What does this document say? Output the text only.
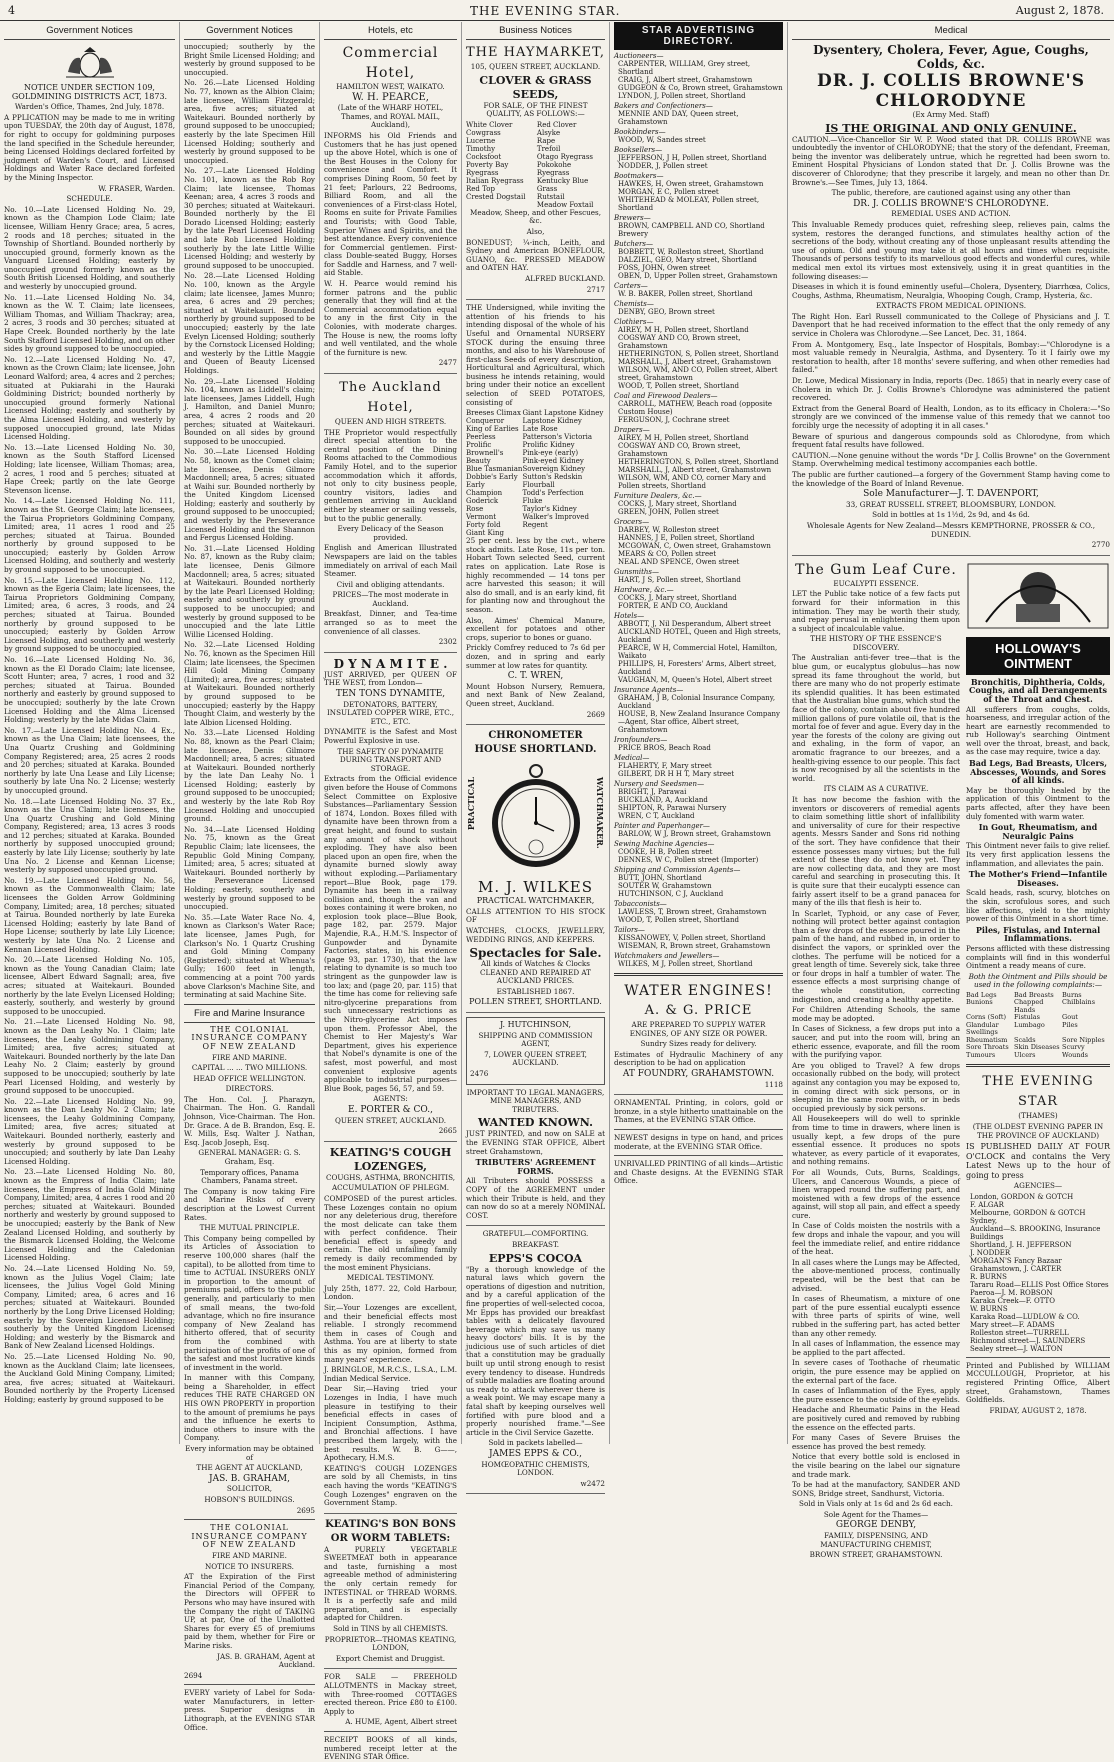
4	THE EVENING STAR.	August 2, 1878.
Government Notices

NOTICE UNDER SECTION 109, GOLDMINING DISTRICTS ACT, 1873.

Warden's Office, Thames, 2nd July, 1878.

A PPLICATION may be made to me in writing upon TUESDAY, the 20th day of August, 1878, for right to occupy for goldmining purposes the land specified in the Schedule hereunder, being Licensed Holdings declared forfeited by judgment of Warden's Court, and Licensed Holdings and Water Race declared forfeited by the Mining Inspector.

W. FRASER, Warden.

SCHEDULE.

No. 10.—Late Licensed Holding No. 29, known as the Champion Lode Claim; late licensee, William Henry Grace; area, 5 acres, 2 roods and 18 perches; situated in the Township of Shortland. Bounded northerly by unoccupied ground, formerly known as the Vanguard Licensed Holding; easterly by unoccupied ground formerly known as the South British Licensed Holding, and southerly and westerly by unoccupied ground.

No. 11.—Late Licensed Holding No. 34, known as the W. T. Claim; late licensees, William Thomas, and William Thackray; area, 2 acres, 3 roods and 30 perches; situated at Hape Creek. Bounded northerly by the late South Stafford Licensed Holding, and on other sides by ground supposed to be unoccupied.

No. 12.—Late Licensed Holding No. 47, known as the Crown Claim; late licensee, John Leonard Walford; area, 4 acres and 2 perches; situated at Pukiarahi in the Hauraki Goldmining District; bounded northerly by unoccupied ground formerly National Licensed Holding; easterly and southerly by the Alma Licensed Holding, and westerly by supposed unoccupied ground, late Midas Licensed Holding.

No. 13.—Late Licensed Holding No. 30, known as the South Stafford Licensed Holding; late licensee, William Thomas; area, 2 acres, 1 rood and 5 perches; situated at Hape Creek; partly on the late George Stevenson license.

No. 14.—Late Licensed Holding No. 111, known as the St. George Claim; late licensees, the Tairua Proprietors Goldmining Company, Limited; area, 11 acres 1 rood and 25 perches; situated at Tairua. Bounded northerly by ground supposed to be unoccupied; easterly by Golden Arrow Licensed Holding, and southerly and westerly by ground supposed to be unoccupied.

No. 15.—Late Licensed Holding No. 112, known as the Egeria Claim; late licensees, the Tairua Proprietors Goldmining Company, Limited; area, 6 acres, 3 roods, and 24 perches; situated at Tairua. Bounded northerly by ground supposed to be unoccupied; easterly by Golden Arrow Licensed Holding, and southerly and westerly by ground supposed to be unoccupied.

No. 16.—Late Licensed Holding No. 36, known as the El Dorado Claim; late licensee, Scott Hunter; area, 7 acres, 1 rood and 32 perches; situated at Tairua. Bounded northerly and easterly by ground supposed to be unoccupied; southerly by the late Crown Licensed Holding and the Alma Licensed Holding; westerly by the late Midas Claim.

No. 17.—Late Licensed Holding No. 4 Ex., known as the Una Claim; late licensees, the Una Quartz Crushing and Goldmining Company Registered; area, 25 acres 2 roods and 20 perches; situated at Karaka. Bounded northerly by late Una Lease and Lily License; southerly by late Una No. 2 License; westerly by unoccupied ground.

No. 18.—Late Licensed Holding No. 37 Ex., known as the Una Claim; late licensees, the Una Quartz Crushing and Gold Mining Company, Registered; area, 13 acres 3 roods and 12 perches; situated at Karaka. Bounded northerly by supposed unoccupied ground; easterly by late Lily License; southerly by late Una No. 2 License and Kennan License; westerly by supposed unoccupied ground.

No. 19.—Late Licensed Holding No. 56, known as the Commonwealth Claim; late licensees the Golden Arrow Goldmining Company, Limited; area, 18 perches; situated at Tairua. Bounded northerly by late Eureka Licensed Holding; easterly by late Band of Hope License; southerly by late Lily Licence; westerly by late Una No. 2 License and Kennan Licensed Holding.

No. 20.—Late Licensed Holding No. 105, known as the Young Canadian Claim; late licensee, Albert Edward Sagnall; area, five acres; situated at Waitekauri. Bounded northerly by the late Evelyn Licensed Holding; easterly, southerly, and westerly by ground supposed to be unoccupied.

No. 21.—Late Licensed Holding No. 98, known as the Dan Leahy No. 1 Claim; late licensees, the Leahy Goldmining Company, Limited; area, five acres; situated at Waitekauri. Bounded northerly by the late Dan Leahy No. 2 Claim; easterly by ground supposed to be unoccupied; southerly by late Pearl Licensed Holding, and westerly by ground supposed to be unoccupied.

No. 22.—Late Licensed Holding No. 99, known as the Dan Leahy No. 2 Claim; late licensees, the Leahy Goldmining Company, Limited; area, five acres; situated at Waitekauri. Bounded northerly, easterly and westerly by ground supposed to be unoccupied; and southerly by late Dan Leahy Licensed Holding.

No. 23.—Late Licensed Holding No. 80, known as the Empress of India Claim; late licensees, the Empress of India Gold Mining Company, Limited; area, 4 acres 1 rood and 20 perches; situated at Waitekauri. Bounded northerly and westerly by ground supposed to be unoccupied; easterly by the Bank of New Zealand Licensed Holding, and southerly by the Bismarck Licensed Holding, the Welcome Licensed Holding and the Caledonian Licensed Holding.

No. 24.—Late Licensed Holding No. 59, known as the Julius Vogel Claim; late licensees, the Julius Vogel Gold Mining Company, Limited; area, 6 acres and 16 perches; situated at Waitekauri. Bounded northerly by the Long Drive Licensed Holding; easterly by the Sovereign Licensed Holding; southerly by the United Kingdom Licensed Holding; and westerly by the Bismarck and Bank of New Zealand Licensed Holdings.

No. 25.—Late Licensed Holding No. 90, known as the Auckland Claim; late licensees, the Auckland Gold Mining Company, Limited; area, five acres; situated at Waitekauri. Bounded northerly by the Property Licensed Holding; easterly by ground supposed to be

Government Notices

unoccupied; southerly by the Bright Smile Licensed Holding; and westerly by ground supposed to be unoccupied.

No. 26.—Late Licensed Holding No. 77, known as the Albion Claim; late licensee, William Fitzgerald; area, five acres; situated at Waitekauri. Bounded northerly by ground supposed to be unoccupied; easterly by the late Specimen Hill Licensed Holding; southerly and westerly by ground supposed to be unoccupied.

No. 27.—Late Licensed Holding No. 101, known as the Rob Roy Claim; late licensee, Thomas Keenan; area, 4 acres 3 roods and 30 perches; situated at Waitekauri. Bounded northerly by the El Dorado Licensed Holding; easterly by the late Pearl Licensed Holding and late Rob Licensed Holding; southerly by the late Little Willie Licensed Holding; and westerly by ground supposed to be unoccupied.

No. 28.—Late Licensed Holding No. 100, known as the Argyle claim; late licensee, James Munro; area, 6 acres and 29 perches; situated at Waitekauri. Bounded northerly by ground supposed to be unoccupied; easterly by the late Evelyn Licensed Holding; southerly by the Cornstock Licensed Holding; and westerly by the Little Maggie and Queen of Beauty Licensed Holdings.

No. 29.—Late Licensed Holding No. 104, known as Liddell's claim; late licensees, James Liddell, Hugh J. Hamilton, and Daniel Munro; area, 4 acres 2 roods and 20 perches; situated at Waitekauri. Bounded on all sides by ground supposed to be unoccupied.

No. 30.—Late Licensed Holding No. 58, known as the Comet claim; late licensee, Denis Gilmore Macdonnell; area, 5 acres; situated at Waihi sur. Bounded northerly by the United Kingdom Licensed Holding; easterly and southerly by ground supposed to be unoccupied; and westerly by the Perseverance Licensed Holding and the Shannon and Fergus Licensed Holding.

No. 31.—Late Licensed Holding No. 87, known as the Ruby claim; late licensee, Denis Gilmore Macdonnell; area, 5 acres; situated at Waitekauri. Bounded northerly by the late Pearl Licensed Holding; easterly and southerly by ground supposed to be unoccupied; and westerly by ground supposed to be unoccupied and the late Little Willie Licensed Holding.

No. 32.—Late Licensed Holding No. 76, known as the Specimen Hill Claim; late licensees, the Specimen Hill Gold Mining Company (Limited); area, five acres; situated at Waitekauri. Bounded northerly by ground supposed to be unoccupied; easterly by the Happy Thought Claim, and westerly by the late Albion Licensed Holding.

No. 33.—Late Licensed Holding No. 88, known as the Pearl Claim; late licensee, Denis Gilmore Macdonnell; area, 5 acres; situated at Waitekauri. Bounded northerly by the late Dan Leahy No. 1 Licensed Holding; easterly by ground supposed to be unoccupied; and westerly by the late Rob Roy Licensed Holding and unoccupied ground.

No. 34.—Late Licensed Holding No. 75, known as the Great Republic Claim; late licensees, the Republic Gold Mining Company, Limited; area, 5 acres; situated at Waitekauri. Bounded northerly by the Perseverance Licensed Holding; easterly, southerly and westerly by ground supposed to be unoccupied.

No. 35.—Late Water Race No. 4, known as Clarkson's Water Race; late licensee, James Pugh, for Clarkson's No. 1 Quartz Crushing and Gold Mining Company (Registered); situated at Whenua's Gully; 1600 feet in length, commencing at a point 700 yards above Clarkson's Machine Site, and terminating at said Machine Site.

Fire and Marine Insurance

THE COLONIAL INSURANCE COMPANY OF NEW ZEALAND

FIRE AND MARINE.

CAPITAL ... ... TWO MILLIONS.

HEAD OFFICE WELLINGTON.

DIRECTORS.

The Hon. Col. J. Pharazyn, Chairman. The Hon. G. Randall Johnson, Vice-Chairman. The Hon. Dr. Grace. A de B. Brandon, Esq. E. W. Mills, Esq. Walter J. Nathan, Esq. Jacob Joseph, Esq.

GENERAL MANAGER: G. S. Graham, Esq.

Temporary offices, Panama Chambers, Panama street.

The Company is now taking Fire and Marine Risks of every description at the Lowest Current Rates.

THE MUTUAL PRINCIPLE.

This Company being compelled by its Articles of Association to reserve 100,000 shares (half the capital), to be allotted from time to time to ACTUAL INSURERS ONLY in proportion to the amount of premiums paid, offers to the public generally, and particularly to men of small means, the two-fold advantage, which no fire insurance company of New Zealand has hitherto offered, that of security from the combined with participation of the profits of one of the safest and most lucrative kinds of investment in the world.

In manner with this Company, being a Shareholder, in effect reduces THE RATE CHARGED ON HIS OWN PROPERTY in proportion to the amount of premiums he pays and the influence he exerts to induce others to insure with the Company.

Every information may be obtained of

THE AGENT AT AUCKLAND,

JAS. B. GRAHAM,

SOLICITOR,

HOBSON'S BUILDINGS.

2695

THE COLONIAL INSURANCE COMPANY OF NEW ZEALAND

FIRE AND MARINE.

NOTICE TO INSURERS.

AT the Expiration of the First Financial Period of the Company, the Directors will OFFER to Persons who may have insured with the Company the right of TAKING UP, at par, One of the Unallotted Shares for every £5 of premiums paid by them, whether for Fire or Marine risks.

JAS. B. GRAHAM, Agent at Auckland.

2694

EVERY variety of Label for Soda-water Manufacturers, in letter-press. Superior designs in Lithograph, at the EVENING STAR Office.

Hotels, etc
Commercial Hotel,

HAMILTON WEST, WAIKATO.

W. H. PEARCE,

(Late of the WHARF HOTEL, Thames, and ROYAL MAIL, Auckland),

INFORMS his Old Friends and Customers that he has just opened up the above Hotel, which is one of the Best Houses in the Colony for convenience and Comfort. It comprises Dining Room, 50 feet by 21 feet; Parlours, 22 Bedrooms, Billiard Room, and all the conveniences of a First-class Hotel, Rooms en suite for Private Families and Tourists; with Good Table, Superior Wines and Spirits, and the best attendance. Every convenience for Commercial gentlemen. First-class Double-seated Buggy, Horses for Saddle and Harness, and 7 well-aid Stable.

W. H. Pearce would remind his former patrons and the public generally that they will find at the Commercial accommodation equal to any in the first City in the Colonies, with moderate charges. The House is new, the rooms lofty and well ventilated, and the whole of the furniture is new.

2477

The Auckland Hotel,

QUEEN AND HIGH STREETS.

THE Proprietor would respectfully direct special attention to the central position of the Dining Rooms attached to the Commodious Family Hotel, and to the superior accommodation which it affords, not only to city business people, country visitors, ladies and gentlemen arriving in Auckland either by steamer or sailing vessels, but to the public generally.

Every Delicacy of the Season provided.

English and American Illustrated Newspapers are laid on the tables immediately on arrival of each Mail Steamer.

Civil and obliging attendants.

PRICES—The most moderate in Auckland.

Breakfast, Dinner, and Tea-time arranged so as to meet the convenience of all classes.

2302

D Y N A M I T E .

JUST ARRIVED, per QUEEN OF THE WEST, from London—

TEN TONS DYNAMITE,

DETONATORS, BATTERY, INSULATED COPPER WIRE, ETC., ETC., ETC.

DYNAMITE is the Safest and Most Powerful Explosive in use.

THE SAFETY OF DYNAMITE DURING TRANSPORT AND STORAGE.

Extracts from the Official evidence given before the House of Commons Select Committee on Explosive Substances—Parliamentary Session of 1874, London. Boxes filled with dynamite have been thrown from a great height, and found to sustain any amount of shock without exploding. They have also been placed upon an open fire, when the dynamite burned slowly away without exploding.—Parliamentary report—Blue Book, page 179. Dynamite has been in a railway collision and, though the van and boxes containing it were broken, no explosion took place—Blue Book, page 182, par. 2579. Major Majendie, R.A., H.M.'S. Inspector of Gunpowder and Dynamite Factories, states, in his evidence (page 93, par. 1730), that the law relating to dynamite is so much too stringent as the gunpowder law is too lax; and (page 20, par. 115) that the time has come for relieving safe nitro-glycerine preparations from such unnecessary restrictions as the Nitro-glycerine Act imposes upon them. Professor Abel, the Chemist to Her Majesty's War Department, gives his experience that Nobel's dynamite is one of the safest, most powerful, and most convenient explosive agents applicable to industrial purposes—Blue Book, pages 56, 57, and 59.

AGENTS:

E. PORTER & CO.,

QUEEN STREET, AUCKLAND.

2665

KEATING'S COUGH LOZENGES,

COUGHS, ASTHMA, BRONCHITIS,

ACCUMULATION OF PHLEGM.

COMPOSED of the purest articles. These Lozenges contain no opium nor any deleterious drug, therefore the most delicate can take them with perfect confidence. Their beneficial effect is speedy and certain. The old unfailing family remedy is daily recommended by the most eminent Physicians.

MEDICAL TESTIMONY.

July 25th, 1877. 22, Cold Harbour, London.

Sir,—Your Lozenges are excellent, and their beneficial effects most reliable. I strongly recommend them in cases of Cough and Asthma. You are at liberty to state this as my opinion, formed from many years' experience.

J. BRINGLOE, M.R.C.S., L.S.A., L.M. Indian Medical Service.

Dear Sir,—Having tried your Lozenges in India, I have much pleasure in testifying to their beneficial effects in cases of Incipient Consumption, Asthma, and Bronchial affections. I have prescribed them largely, with the best results. W. B. G——, Apothecary, H.M.S.

KEATING'S COUGH LOZENGES are sold by all Chemists, in tins each having the words "KEATING'S Cough Lozenges" engraven on the Government Stamp.

KEATING'S BON BONS OR WORM TABLETS:

A PURELY VEGETABLE SWEETMEAT both in appearance and taste, furnishing a most agreeable method of administering the only certain remedy for INTESTINAL or THREAD WORMS. It is a perfectly safe and mild preparation, and is especially adapted for Children.

Sold in TINS by all CHEMISTS.

PROPRIETOR—THOMAS KEATING, LONDON,

Export Chemist and Druggist.

FOR SALE — FREEHOLD ALLOTMENTS in Mackay street, with Three-roomed COTTAGES erected thereon. Price £80 to £100. Apply to

A. HUME, Agent, Albert street

RECEIPT BOOKS of all kinds, numbered receipt letter at the EVENING STAR Office.

Business Notices
THE HAYMARKET,

105, QUEEN STREET, AUCKLAND.

CLOVER & GRASS SEEDS,

FOR SALE, OF THE FINEST QUALITY, AS FOLLOWS:—

White Clover
Cowgrass
Lucerne
Timothy
Cocksfoot
Poverty Bay Ryegrass
Italian Ryegrass
Red Top
Crested Dogstail
Red Clover
Alsyke
Rape
Trefoil
Otago Ryegrass
Pokokohe Ryegrass
Kentucky Blue Grass
Rutstail
Meadow Foxtail

Meadow, Sheep, and other Fescues, &c.

Also,

BONEDUST; ¼-inch, Leith, and Sydney and American BONEFLOUR, GUANO, &c. PRESSED MEADOW and OATEN HAY.

ALFRED BUCKLAND.

2717

THE Undersigned, while inviting the attention of his friends to his intending disposal of the whole of his Useful and Ornamental NURSERY STOCK during the ensuing three months, and also to his Warehouse of first-class Seeds of every description, Horticultural and Agricultural, which business he intends retaining, would bring under their notice an excellent selection of SEED POTATOES, consisting of

Breeses Climax
Conqueror
King of Earlies
Peerless
Prolific
Brownell's Beauty
Blue Tasmanian
Dobbie's Early
Early Champion
Goderick
Rose
Vermont
Forty fold
Giant King
Giant Lapstone Kidney
Lapstone Kidney
Late Rose
Patterson's Victoria
Prolific Kidney
Pink-eye (early)
Pink-eyed Kidney
Sovereign Kidney
Sutton's Redskin
Flourball
Todd's Perfection
Fluke
Taylor's Kidney
Walker's Improved Regent

25 per cent. less by the cwt., where stock admits. Late Rose, 11s per ton. Hobart Town selected Seed, current rates on application. Late Rose is highly recommended — 14 tons per acre harvested this season; it will also do small, and is an early kind, fit for planting now and throughout the season.

Also, Aimes' Chemical Manure, excellent for potatoes and other crops, superior to bones or guano.

Prickly Comfrey reduced to 7s 6d per dozen, and in spring and early summer at low rates for quantity.

C. T. WREN,

Mount Hobson Nursery, Remuera, and next Bank of New Zealand, Queen street, Auckland.

2669

CHRONOMETER HOUSE SHORTLAND.
PRACTICAL	WATCHMAKER.
M. J. WILKES

PRACTICAL WATCHMAKER,

CALLS ATTENTION TO HIS STOCK OF

WATCHES, CLOCKS, JEWELLERY, WEDDING RINGS, AND KEEPERS.

Spectacles for Sale.

All kinds of Watches & Clocks CLEANED AND REPAIRED AT AUCKLAND PRICES.

ESTABLISHED 1867.

POLLEN STREET, SHORTLAND.

J. HUTCHINSON,

SHIPPING AND COMMISSION AGENT,

7, LOWER QUEEN STREET, AUCKLAND.

2476

IMPORTANT TO LEGAL MANAGERS, MINE MANAGERS, AND TRIBUTERS.

WANTED KNOWN.

JUST PRINTED, and now on SALE at the EVENING STAR OFFICE, Albert street Grahamstown,

TRIBUTERS' AGREEMENT FORMS.

All Tributers should POSSESS a COPY of the AGREEMENT under which their Tribute is held, and they can now do so at a merely NOMINAL COST.

GRATEFUL—COMFORTING.

BREAKFAST.

EPPS'S COCOA

"By a thorough knowledge of the natural laws which govern the operations of digestion and nutrition, and by a careful application of the fine properties of well-selected cocoa, Mr Epps has provided our breakfast tables with a delicately flavoured beverage which may save us many heavy doctors' bills. It is by the judicious use of such articles of diet that a constitution may be gradually built up until strong enough to resist every tendency to disease. Hundreds of subtle maladies are floating around us ready to attack wherever there is a weak point. We may escape many a fatal shaft by keeping ourselves well fortified with pure blood and a properly nourished frame."—See article in the Civil Service Gazette.

Sold in packets labelled—

JAMES EPPS & CO.,

HOMŒOPATHIC CHEMISTS, LONDON.

w2472

STAR ADVERTISING DIRECTORY.
Auctioneers—
CARPENTER, WILLIAM, Grey street, Shortland
CRAIG, J, Albert street, Grahamstown
GUDGEON & Co, Brown street, Grahamstown
LYNDON, J, Pollen street, Shortland
Bakers and Confectioners—
MENNIE AND DAY, Queen street, Grahamstown
Bookbinders—
WOOD, W, Sandes street
Booksellers—
JEFFERSON, J H, Pollen street, Shortland
NODDER, J, Pollen street
Bootmakers—
HAWKES, H, Owen street, Grahamstown
MORGAN, E C, Pollen street
WHITEHEAD & MOLEAY, Pollen street, Shortland
Brewers—
BROWN, CAMPBELL AND CO, Shortland Brewery
Butchers—
BOBBETT, W, Rolleston street, Shortland
DALZIEL, GEO, Mary street, Shortland
FOSS, JOHN, Owen street
OBEN, D, Upper Pollen street, Grahamstown
Carters—
W. B. BAKER, Pollen street, Shortland
Chemists—
DENBY, GEO, Brown street
Clothiers—
AIREY, M H, Pollen street, Shortland
COGSWAY AND CO, Brown street, Grahamstown
HETHERINGTON, S, Pollen street, Shortland
MARSHALL, J, Albert street, Grahamstown
WILSON, WM, AND CO, Pollen street, Albert street, Grahamstown
WOOD, T, Pollen street, Shortland
Coal and Firewood Dealers—
CARROLL, MATHEW, Beach road (opposite Custom House)
FERGUSON, J, Cochrane street
Drapers—
AIREY, M H, Pollen street, Shortland
COGSWAY AND CO, Brown street, Grahamstown
HETHERINGTON, S, Pollen street, Shortland
MARSHALL, J, Albert street, Grahamstown
WILSON, WM, AND CO, corner Mary and Pollen streets, Shortland
Furniture Dealers, &c.—
COCKS, J, Mary street, Shortland
GREEN, JOHN, Pollen street
Grocers—
DARBEY, W, Rolleston street
HANNES, J E, Pollen street, Shortland
MCGOWAN, C, Owen street, Grahamstown
MEARS & CO, Pollen street
NEAL AND SPENCE, Owen street
Gunsmiths—
HART, J S, Pollen street, Shortland
Hardware, &c.—
COCKS, J, Mary street, Shortland
FORTER, E AND CO, Auckland
Hotels—
ABBOTT, J, Nil Desperandum, Albert street
AUCKLAND HOTEL, Queen and High streets, Auckland
PEARCE, W H, Commercial Hotel, Hamilton, Waikato
PHILLIPS, H, Foresters' Arms, Albert street, Auckland
VAUGHAN, M, Queen's Hotel, Albert street
Insurance Agents—
GRAHAM, J B, Colonial Insurance Company, Auckland
HOUSE, B, New Zealand Insurance Company—Agent, Star office, Albert street, Grahamstown
Ironfounders—
PRICE BROS, Beach Road
Medical—
FLAHERTY, F, Mary street
GILBERT, DR H H T, Mary street
Nursery and Seedsmen—
BRIGHT, J, Parawai
BUCKLAND, A, Auckland
SHIPTON, R, Parawai Nursery
WREN, C T, Auckland
Painter and Paperhanger—
BARLOW, W J, Brown street, Grahamstown
Sewing Machine Agencies—
COOKE, H B, Pollen street
DENNES, W C, Pollen street (Importer)
Shipping and Commission Agents—
BUTT, JOHN, Shortland
SOUTER W, Grahamstown
HUTCHINSON, C J, Auckland
Tobacconists—
LAWLESS, T, Brown street, Grahamstown
WOOD, T, Pollen street, Shortland
Tailors—
KISSANOWEY, V, Pollen street, Shortland
WISEMAN, R, Brown street, Grahamstown
Watchmakers and Jewellers—
WILKES, M J, Pollen street, Shortland
WATER ENGINES!
A. & G. PRICE

ARE PREPARED TO SUPPLY WATER ENGINES, OF ANY SIZE OR POWER.

Sundry Sizes ready for delivery.

Estimates of Hydraulic Machinery of any description to be had on application

AT FOUNDRY, GRAHAMSTOWN.

1118

ORNAMENTAL Printing, in colors, gold or bronze, in a style hitherto unattainable on the Thames, at the EVENING STAR Office.

NEWEST designs in type on hand, and prices moderate, at the EVENING STAR Office.

UNRIVALLED PRINTING of all kinds—Artistic and Chaste designs. At the EVENING STAR Office.

Medical
Dysentery, Cholera, Fever, Ague, Coughs, Colds, &c.
DR. J. COLLIS BROWNE'S CHLORODYNE

(Ex Army Med. Staff)

IS THE ORIGINAL AND ONLY GENUINE.

CAUTION.—Vice-Chancellor Sir W. P. Wood stated that DR. COLLIS BROWNE was undoubtedly the inventor of CHLORODYNE; that the story of the defendant, Freeman, being the inventor was deliberately untrue, which he regretted had been sworn to. Eminent Hospital Physicians of London stated that Dr. J. Collis Browne was the discoverer of Chlorodyne; that they prescribe it largely, and mean no other than Dr. Browne's.—See Times, July 13, 1864.

The public, therefore, are cautioned against using any other than

DR. J. COLLIS BROWNE'S CHLORODYNE.

REMEDIAL USES AND ACTION.

This Invaluable Remedy produces quiet, refreshing sleep, relieves pain, calms the system, restores the deranged functions, and stimulates healthy action of the secretions of the body, without creating any of those unpleasant results attending the use of opium. Old and young may take it at all hours and times when requisite. Thousands of persons testify to its marvellous good effects and wonderful cures, while medical men extol its virtues most extensively, using it in great quantities in the following diseases:—

Diseases in which it is found eminently useful—Cholera, Dysentery, Diarrhœa, Colics, Coughs, Asthma, Rheumatism, Neuralgia, Whooping Cough, Cramp, Hysteria, &c.

EXTRACTS FROM MEDICAL OPINIONS.

The Right Hon. Earl Russell communicated to the College of Physicians and J. T. Davenport that he had received information to the effect that the only remedy of any service in Cholera was Chlorodyne.—See Lancet, Dec. 31, 1864.

From A. Montgomery, Esq., late Inspector of Hospitals, Bombay:—"Chlorodyne is a most valuable remedy in Neuralgia, Asthma, and Dysentery. To it I fairly owe my restoration to health, after 18 months' severe suffering, and when other remedies had failed."

Dr. Lowe, Medical Missionary in India, reports (Dec. 1865) that in nearly every case of Cholera in which Dr. J. Collis Browne's Chlorodyne was administered the patient recovered.

Extract from the General Board of Health, London, as to its efficacy in Cholera:—"So strongly are we convinced of the immense value of this remedy that we cannot too forcibly urge the necessity of adopting it in all cases."

Beware of spurious and dangerous compounds sold as Chlorodyne, from which frequent fatal results have followed.

CAUTION.—None genuine without the words "Dr J. Collis Browne" on the Government Stamp. Overwhelming medical testimony accompanies each bottle.

The public are further cautioned—a forgery of the Government Stamp having come to the knowledge of the Board of Inland Revenue.

Sole Manufacturer—J. T. DAVENPORT,

33, GREAT RUSSELL STREET, BLOOMSBURY, LONDON.

Sold in bottles at 1s 1½d, 2s 9d, and 4s 6d.

Wholesale Agents for New Zealand—Messrs KEMPTHORNE, PROSSER & CO., DUNEDIN.

2770

The Gum Leaf Cure.

EUCALYPTI ESSENCE.

LET the Public take notice of a few facts put forward for their information in this intimation. They may be worth their study, and repay perusal in enlightening them upon a subject of incalculable value.

THE HISTORY OF THE ESSENCE'S DISCOVERY.

The Australian anti-fever tree—that is the blue gum, or eucalyptus globulus—has now spread its fame throughout the world, but there are many who do not properly estimate its splendid qualities. It has been estimated that the Australian blue gums, which stud the face of the colony, contain about five hundred million gallons of pure volatile oil, that is the mortal foe of fever and ague. Every day in the year the forests of the colony are giving out and exhaling, in the form of vapor, an aromatic fragrance to our breezes, and a health-giving essence to our people. This fact is now recognised by all the scientists in the world.

ITS CLAIM AS A CURATIVE.

It has now become the fashion with the inventors or discoverers of remedial agents to claim something little short of infallibility and universality of cure for their respective agents. Messrs Sander and Sons rid nothing of the sort. They have confidence that their essence possesses many virtues; but the full extent of these they do not know yet. They are now collecting data, and they are most careful and searching in prosecuting this. It is quite sure that their eucalypti essence can fairly assert itself to be a grand panacea for many of the ills that flesh is heir to.

In Scarlet, Typhoid, or any case of Fever, nothing will protect better against contagion than a few drops of the essence poured in the palm of the hand, and rubbed in, in order to disinfect the vapors, or sprinkled over the clothes. The perfume will be noticed for a great length of time. Severely sick, take three or four drops in half a tumbler of water. The essence effects a most surprising change of the whole constitution, correcting indigestion, and creating a healthy appetite.

For Children Attending Schools, the same mode may be adopted.

In Cases of Sickness, a few drops put into a saucer, and put into the room will, bring an etheric essence, evaporate, and fill the room with the purifying vapor.

Are you obliged to Travel? A few drops occasionally rubbed on the body, will protect against any contagion you may be exposed to, in coming direct with sick persons, or in sleeping in the same room with, or in beds occupied previously by sick persons.

All Housekeepers will do well to sprinkle from time to time in drawers, where linen is usually kept, a few drops of the pure essential essence. It produces no spots whatever, as every particle of it evaporates, and nothing remains.

For all Wounds, Cuts, Burns, Scaldings, Ulcers, and Cancerous Wounds, a piece of linen wrapped round the suffering part, and moistened with a few drops of the essence against, will stop all pain, and effect a speedy cure.

In Case of Colds moisten the nostrils with a few drops and inhale the vapour, and you will feel the immediate relief, and entire riddance of the heat.

In all cases where the Lungs may be Affected, the above-mentioned process, continually repeated, will be the best that can be advised.

In cases of Rheumatism, a mixture of one part of the pure essential eucalypti essence with three parts of spirits of wine, well rubbed in the suffering part, has acted better than any other remedy.

In all cases of Inflammation, the essence may be applied to the part affected.

In severe cases of Toothache of rheumatic origin, the pure essence may be applied on the external part of the face.

In cases of Inflammation of the Eyes, apply the pure essence to the outside of the eyelids.

Headache and Rheumatic Pains in the Head are positively cured and removed by rubbing the essence on the effected parts.

For many Cases of Severe Bruises the essence has proved the best remedy.

Notice that every bottle sold is enclosed in the visile bearing on the label our signature and trade mark.

To be had at the manufactory, SANDER AND SONS, Bridge street, Sandhurst, Victoria.

Sold in Vials only at 1s 6d and 2s 6d each.

Sole Agent for the Thames—

GEORGE DENBY,

FAMILY, DISPENSING, AND MANUFACTURING CHEMIST,

BROWN STREET, GRAHAMSTOWN.

HOLLOWAY'S OINTMENT

Bronchitis, Diphtheria, Colds, Coughs, and all Derangements of the Throat and Chest.

All sufferers from coughs, colds, hoarseness, and irregular action of the heart are earnestly recommended to rub Holloway's searching Ointment well over the throat, breast, and back, as the case may require, twice a day.

Bad Legs, Bad Breasts, Ulcers, Abscesses, Wounds, and Sores of all kinds.

May be thoroughly healed by the application of this Ointment to the parts affected, after they have been duly fomented with warm water.

In Gout, Rheumatism, and Neuralgic Pains

This Ointment never fails to give relief. Its very first application lessens the inflammation, and alleviates the pain.

The Mother's Friend—Infantile Diseases.

Scald heads, rash, scurvy, blotches on the skin, scrofulous sores, and such like affections, yield to the mighty power of this Ointment in a short time.

Piles, Fistulas, and Internal Inflammations.

Persons afflicted with these distressing complaints will find in this wonderful Ointment a ready means of cure.

Both the Ointment and Pills should be used in the following complaints:—

Bad Legs	Bad Breasts	Burns
Bunions	Chapped Hands
Chilblains
Corns (Soft)	Fistulas	Gout
Glandular Swellings
Lumbago	Piles
Rheumatism	Scalds	Sore Nipples
Sore Throats Skin Diseases Scurvy
Tumours	Ulcers	Wounds
THE EVENING STAR

(THAMES)

(THE OLDEST EVENING PAPER IN THE PROVINCE OF AUCKLAND)

IS PUBLISHED DAILY AT FOUR O'CLOCK and contains the Very Latest News up to the hour of going to press

AGENCIES—

London, GORDON & GOTCH
F. ALGAR
Melbourne, GORDON & GOTCH
Sydney,
Auckland—S. BROOKING, Insurance Buildings
Shortland, J. H. JEFFERSON
J. NODDER
MORGAN'S Fancy Bazaar
Grahamstown, J. CARTER
R. BURNS
Tararu Road—ELLIS Post Office Stores
Paeroa—J. M. ROBSON
Karaka Creek—F. OTTO
W. BURNS
Karaka Road—LUDLOW & CO.
Mary street—F. ADAMS
Rolleston street—TURRELL
Richmond street—J. SAUNDERS
Sealey street—J. WALTON

Printed and Published by WILLIAM MCCULLOUGH, Proprietor, at his registered Printing Office, Albert street, Grahamstown, Thames Goldfields.

FRIDAY, AUGUST 2, 1878.
